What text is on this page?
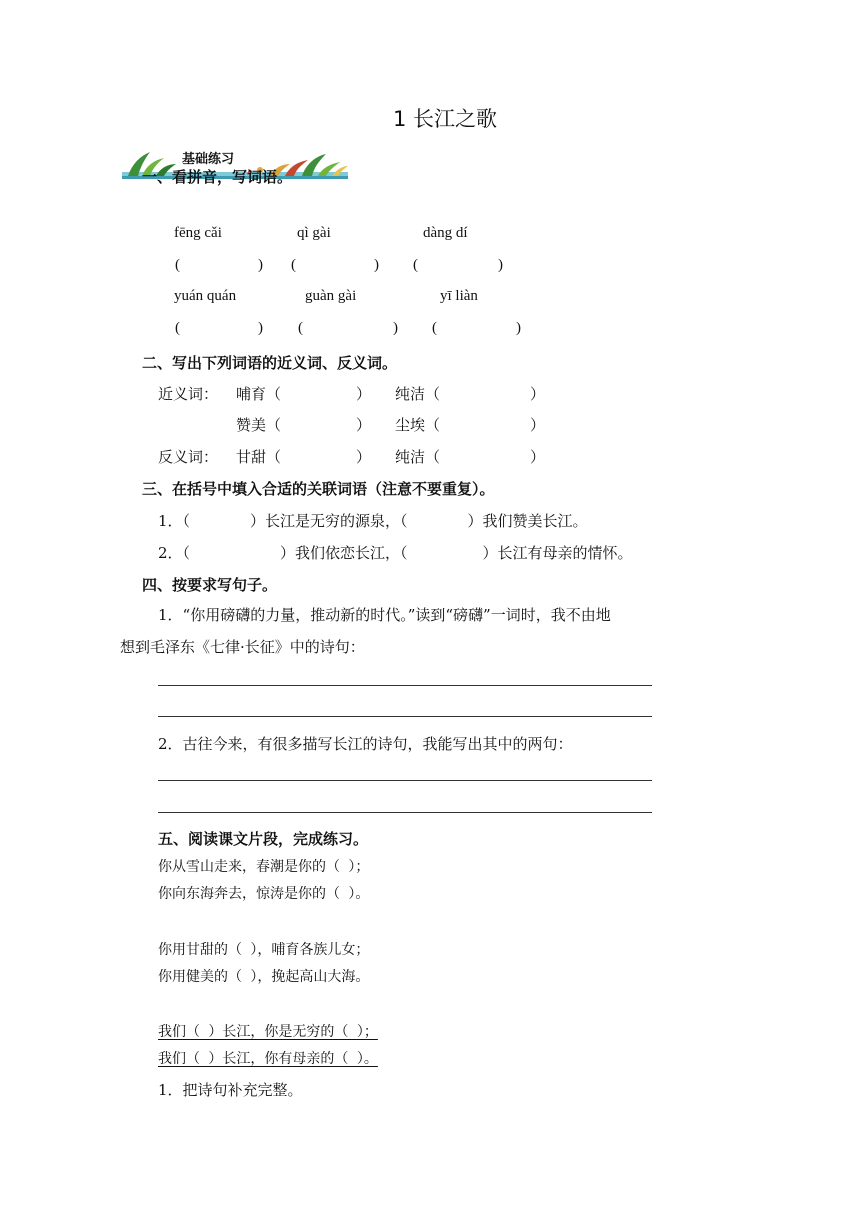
1 长江之歌
基础练习
一、看拼音，写词语。
fēng cǎi	qì gài	dàng dí
(	) (	) (	)
yuán quán	guàn gài	yī liàn
(	) (	) (	)
二、写出下列词语的近义词、反义词。
近义词： 哺育（	） 纯洁（	）
赞美（	） 尘埃（	）
反义词： 甘甜（	） 纯洁（	）
三、在括号中填入合适的关联词语（注意不要重复）。
1．（　　　　）长江是无穷的源泉，（　　　　）我们赞美长江。
2．（　　　　　　）我们依恋长江，（　　　　　）长江有母亲的情怀。
四、按要求写句子。
1．“你用磅礴的力量，推动新的时代。”读到“磅礴”一词时，我不由地
想到毛泽东《七律·长征》中的诗句：
2．古往今来，有很多描写长江的诗句，我能写出其中的两句：
五、阅读课文片段，完成练习。
你从雪山走来，春潮是你的（ ）；
你向东海奔去，惊涛是你的（ ）。
你用甘甜的（ ），哺育各族儿女；
你用健美的（ ），挽起高山大海。
我们（ ）长江，你是无穷的（ ）；
我们（ ）长江，你有母亲的（ ）。
1．把诗句补充完整。
